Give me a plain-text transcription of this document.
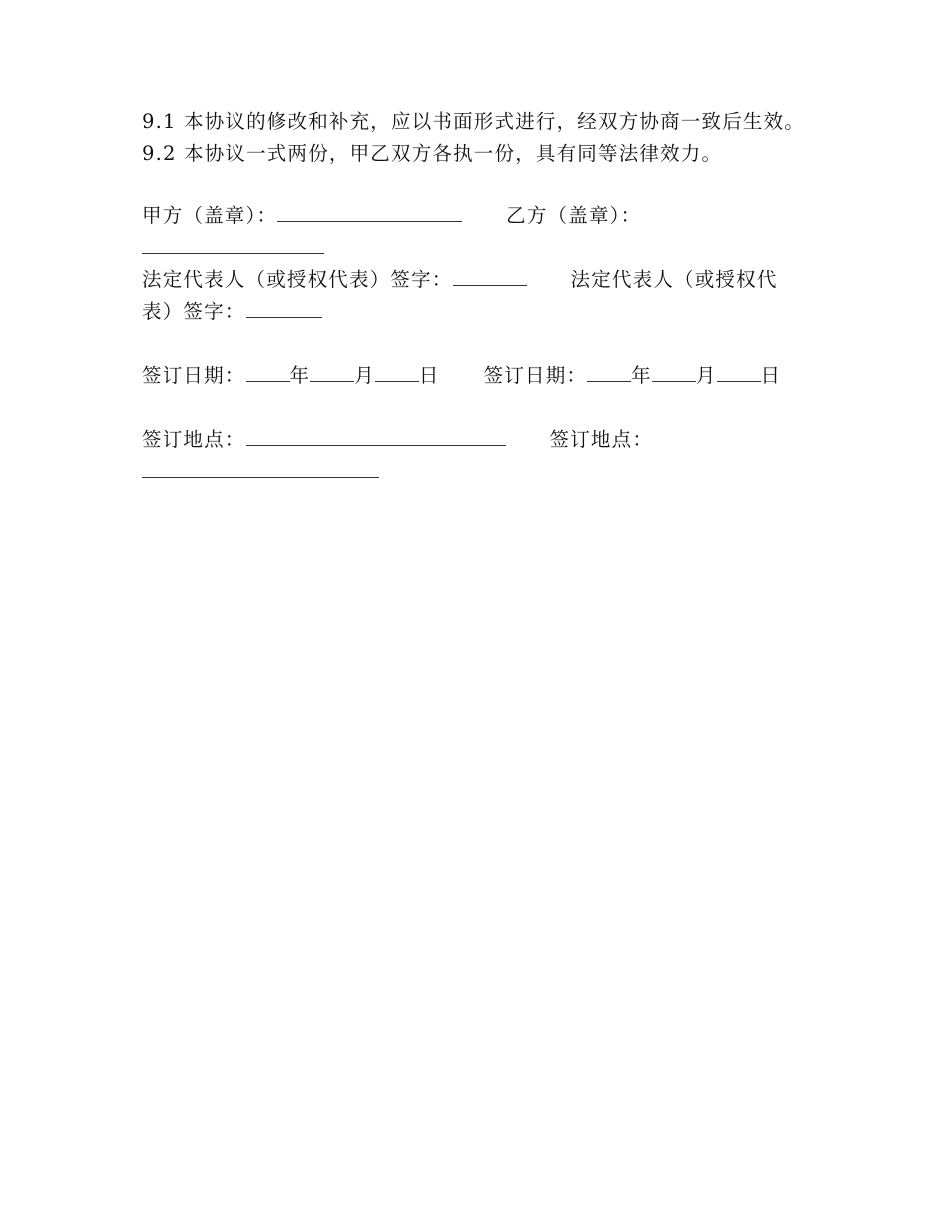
9.1 本协议的修改和补充，应以书面形式进行，经双方协商一致后生效。

9.2 本协议一式两份，甲乙双方各执一份，具有同等法律效力。

甲方（盖章）：	乙方（盖章）：
法定代表人（或授权代表）签字：	法定代表人（或授权代
表）签字：
签订日期： 年 月 日 签订日期： 年 月 日
签订地点：	签订地点：
